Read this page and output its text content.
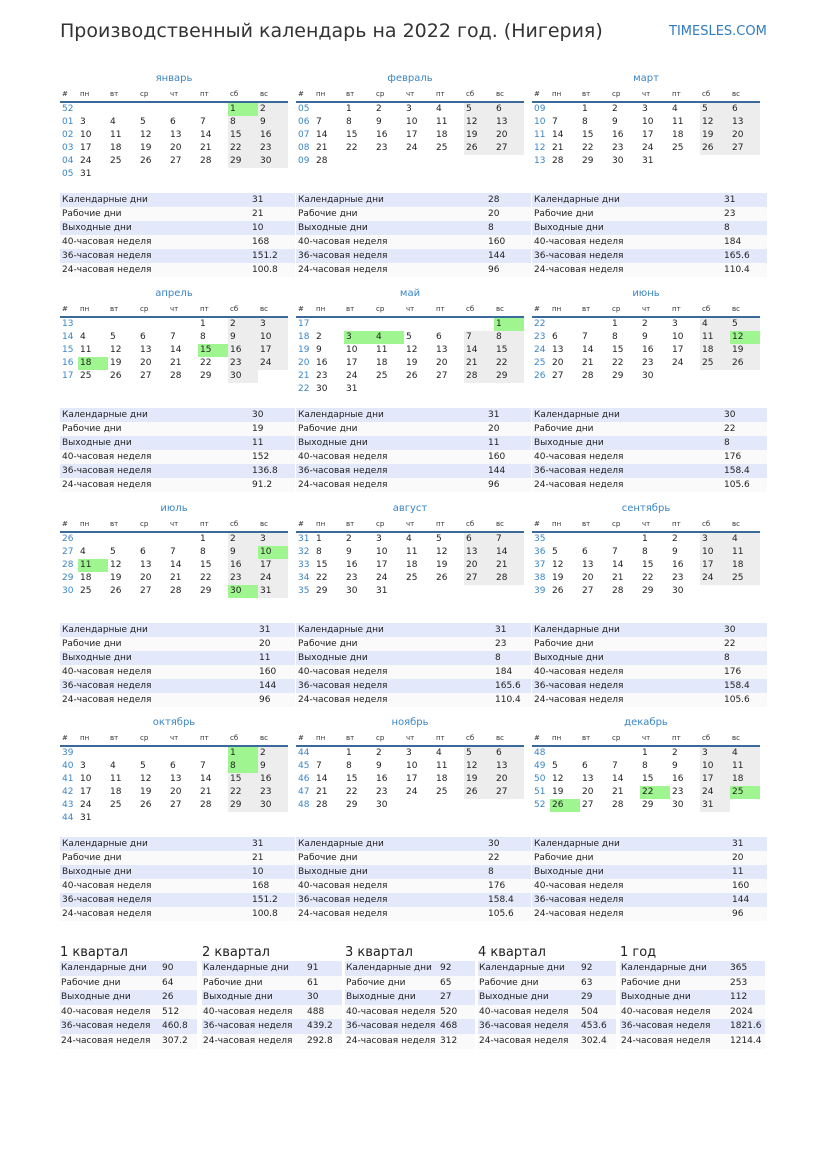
Производственный календарь на 2022 год. (Нигерия)	TIMESLES.COM
январь
#	пн	вт	ср	чт	пт	сб	вс
52						1	2
01	3	4	5	6	7	8	9
02	10	11	12	13	14	15	16
03	17	18	19	20	21	22	23
04	24	25	26	27	28	29	30
05	31						
Календарные дни	31
Рабочие дни	21
Выходные дни	10
40-часовая неделя	168
36-часовая неделя	151.2
24-часовая неделя	100.8
февраль
#	пн	вт	ср	чт	пт	сб	вс
05		1	2	3	4	5	6
06	7	8	9	10	11	12	13
07	14	15	16	17	18	19	20
08	21	22	23	24	25	26	27
09	28						
Календарные дни	28
Рабочие дни	20
Выходные дни	8
40-часовая неделя	160
36-часовая неделя	144
24-часовая неделя	96
март
#	пн	вт	ср	чт	пт	сб	вс
09		1	2	3	4	5	6
10	7	8	9	10	11	12	13
11	14	15	16	17	18	19	20
12	21	22	23	24	25	26	27
13	28	29	30	31			
Календарные дни	31
Рабочие дни	23
Выходные дни	8
40-часовая неделя	184
36-часовая неделя	165.6
24-часовая неделя	110.4
апрель
#	пн	вт	ср	чт	пт	сб	вс
13					1	2	3
14	4	5	6	7	8	9	10
15	11	12	13	14	15	16	17
16	18	19	20	21	22	23	24
17	25	26	27	28	29	30	
Календарные дни	30
Рабочие дни	19
Выходные дни	11
40-часовая неделя	152
36-часовая неделя	136.8
24-часовая неделя	91.2
май
#	пн	вт	ср	чт	пт	сб	вс
17							1
18	2	3	4	5	6	7	8
19	9	10	11	12	13	14	15
20	16	17	18	19	20	21	22
21	23	24	25	26	27	28	29
22	30	31					
Календарные дни	31
Рабочие дни	20
Выходные дни	11
40-часовая неделя	160
36-часовая неделя	144
24-часовая неделя	96
июнь
#	пн	вт	ср	чт	пт	сб	вс
22			1	2	3	4	5
23	6	7	8	9	10	11	12
24	13	14	15	16	17	18	19
25	20	21	22	23	24	25	26
26	27	28	29	30			
Календарные дни	30
Рабочие дни	22
Выходные дни	8
40-часовая неделя	176
36-часовая неделя	158.4
24-часовая неделя	105.6
июль
#	пн	вт	ср	чт	пт	сб	вс
26					1	2	3
27	4	5	6	7	8	9	10
28	11	12	13	14	15	16	17
29	18	19	20	21	22	23	24
30	25	26	27	28	29	30	31
Календарные дни	31
Рабочие дни	20
Выходные дни	11
40-часовая неделя	160
36-часовая неделя	144
24-часовая неделя	96
август
#	пн	вт	ср	чт	пт	сб	вс
31	1	2	3	4	5	6	7
32	8	9	10	11	12	13	14
33	15	16	17	18	19	20	21
34	22	23	24	25	26	27	28
35	29	30	31				
Календарные дни	31
Рабочие дни	23
Выходные дни	8
40-часовая неделя	184
36-часовая неделя	165.6
24-часовая неделя	110.4
сентябрь
#	пн	вт	ср	чт	пт	сб	вс
35				1	2	3	4
36	5	6	7	8	9	10	11
37	12	13	14	15	16	17	18
38	19	20	21	22	23	24	25
39	26	27	28	29	30		
Календарные дни	30
Рабочие дни	22
Выходные дни	8
40-часовая неделя	176
36-часовая неделя	158.4
24-часовая неделя	105.6
октябрь
#	пн	вт	ср	чт	пт	сб	вс
39						1	2
40	3	4	5	6	7	8	9
41	10	11	12	13	14	15	16
42	17	18	19	20	21	22	23
43	24	25	26	27	28	29	30
44	31						
Календарные дни	31
Рабочие дни	21
Выходные дни	10
40-часовая неделя	168
36-часовая неделя	151.2
24-часовая неделя	100.8
ноябрь
#	пн	вт	ср	чт	пт	сб	вс
44		1	2	3	4	5	6
45	7	8	9	10	11	12	13
46	14	15	16	17	18	19	20
47	21	22	23	24	25	26	27
48	28	29	30				
Календарные дни	30
Рабочие дни	22
Выходные дни	8
40-часовая неделя	176
36-часовая неделя	158.4
24-часовая неделя	105.6
декабрь
#	пн	вт	ср	чт	пт	сб	вс
48				1	2	3	4
49	5	6	7	8	9	10	11
50	12	13	14	15	16	17	18
51	19	20	21	22	23	24	25
52	26	27	28	29	30	31	
Календарные дни	31
Рабочие дни	20
Выходные дни	11
40-часовая неделя	160
36-часовая неделя	144
24-часовая неделя	96
1 квартал
Календарные дни	90
Рабочие дни	64
Выходные дни	26
40-часовая неделя	512
36-часовая неделя	460.8
24-часовая неделя	307.2
2 квартал
Календарные дни	91
Рабочие дни	61
Выходные дни	30
40-часовая неделя	488
36-часовая неделя	439.2
24-часовая неделя	292.8
3 квартал
Календарные дни	92
Рабочие дни	65
Выходные дни	27
40-часовая неделя	520
36-часовая неделя	468
24-часовая неделя	312
4 квартал
Календарные дни	92
Рабочие дни	63
Выходные дни	29
40-часовая неделя	504
36-часовая неделя	453.6
24-часовая неделя	302.4
1 год
Календарные дни	365
Рабочие дни	253
Выходные дни	112
40-часовая неделя	2024
36-часовая неделя	1821.6
24-часовая неделя	1214.4
